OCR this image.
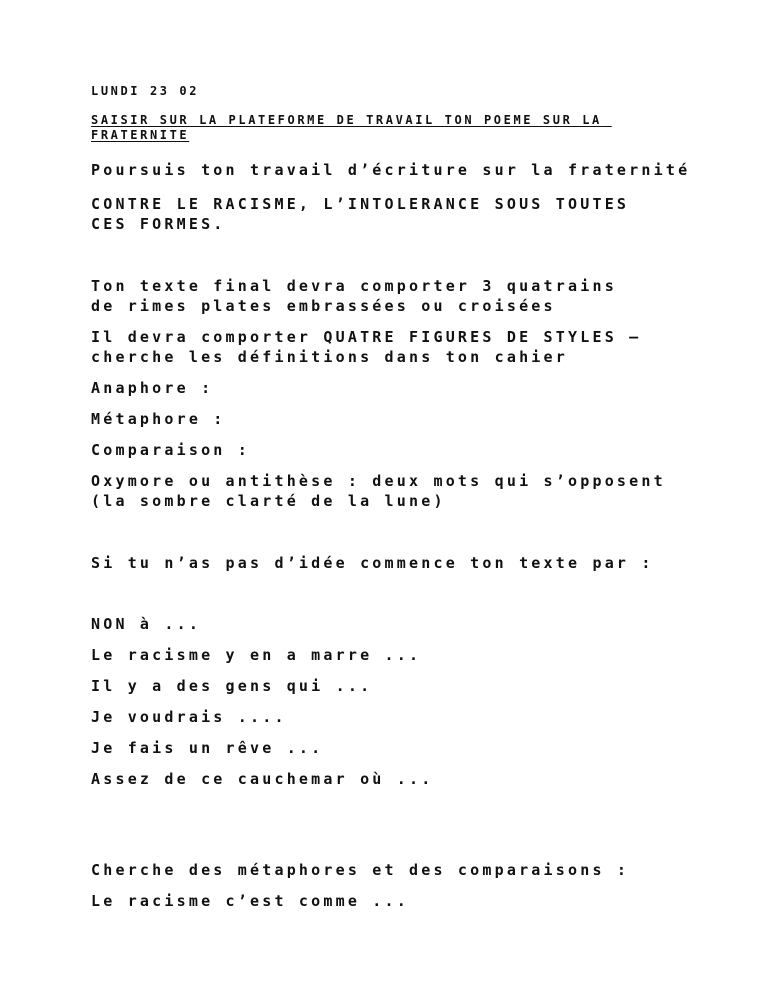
LUNDI 23 02

SAISIR SUR LA PLATEFORME DE TRAVAIL TON POEME SUR LA FRATERNITE

Poursuis ton travail d’écriture sur la fraternité

CONTRE LE RACISME, L’INTOLERANCE SOUS TOUTES CES FORMES.

Ton texte final devra comporter 3 quatrains de rimes plates embrassées ou croisées

Il devra comporter QUATRE FIGURES DE STYLES – cherche les définitions dans ton cahier

Anaphore :

Métaphore :

Comparaison :

Oxymore ou antithèse : deux mots qui s’opposent (la sombre clarté de la lune)

Si tu n’as pas d’idée commence ton texte par :

NON à ...

Le racisme y en a marre ...

Il y a des gens qui ...

Je voudrais ....

Je fais un rêve ...

Assez de ce cauchemar où ...

Cherche des métaphores et des comparaisons :

Le racisme c’est comme ...
